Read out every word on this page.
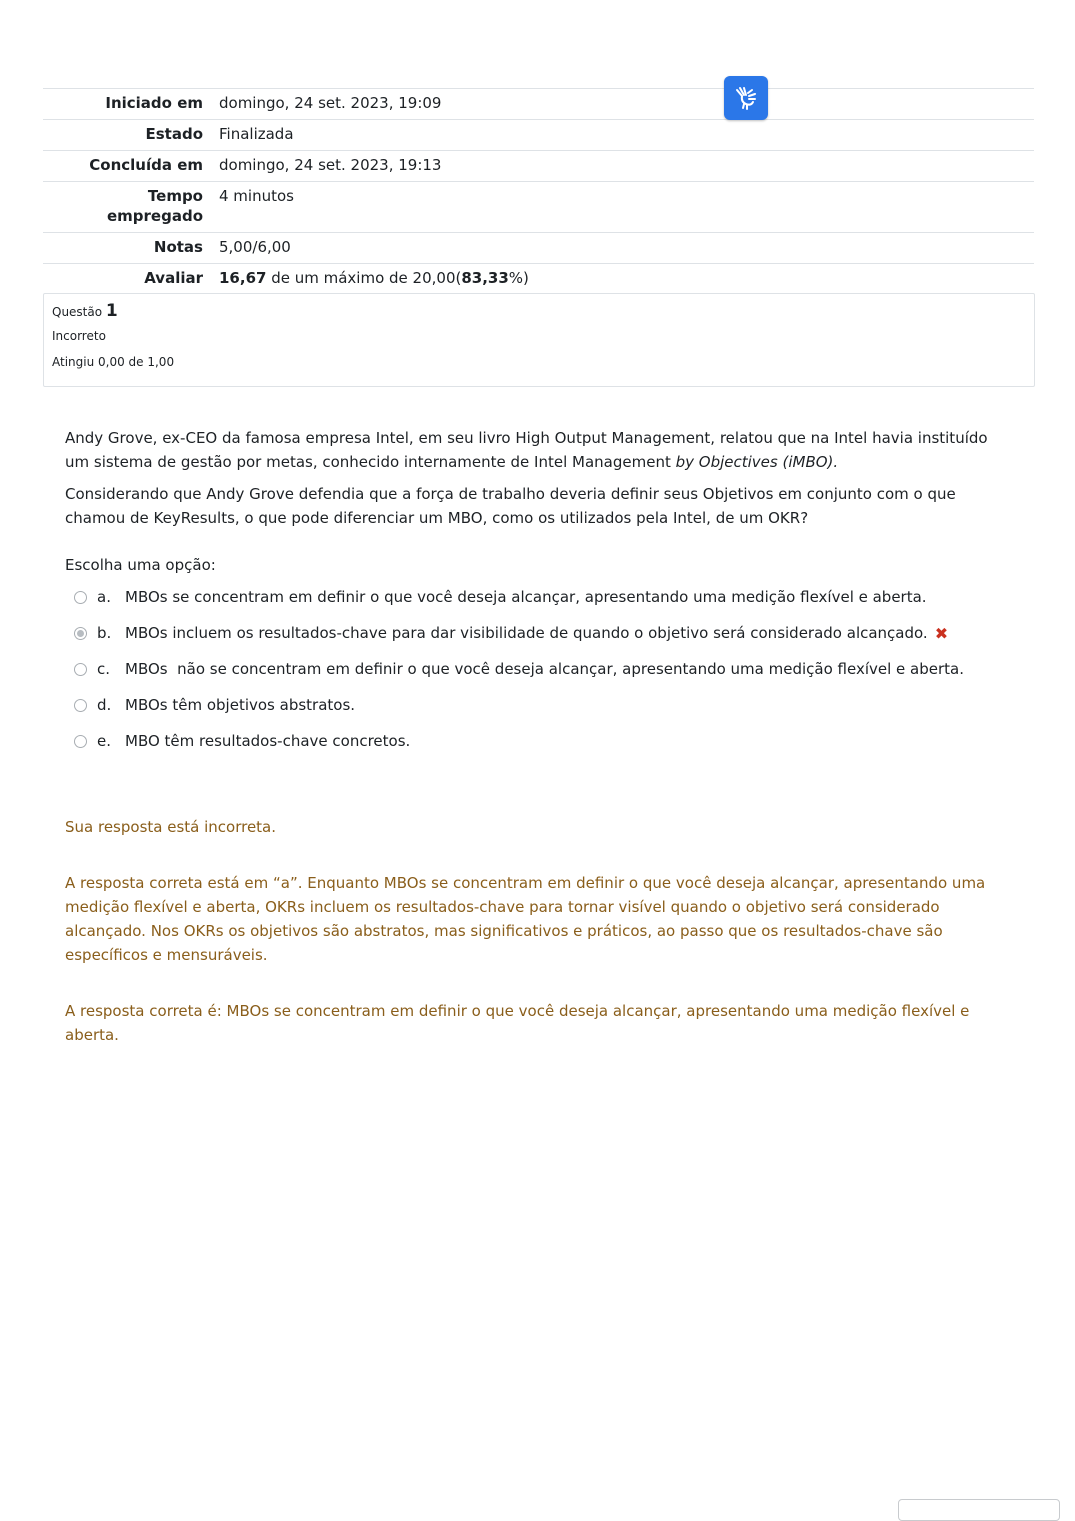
Iniciado em	domingo, 24 set. 2023, 19:09
Estado	Finalizada
Concluída em	domingo, 24 set. 2023, 19:13
Tempo empregado	4 minutos
Notas	5,00/6,00
Avaliar	16,67 de um máximo de 20,00(83,33%)
Questão 1
Incorreto
Atingiu 0,00 de 1,00

Andy Grove, ex-CEO da famosa empresa Intel, em seu livro High Output Management, relatou que na Intel havia instituído um sistema de gestão por metas, conhecido internamente de Intel Management by Objectives (iMBO).

Considerando que Andy Grove defendia que a força de trabalho deveria definir seus Objetivos em conjunto com o que chamou de KeyResults, o que pode diferenciar um MBO, como os utilizados pela Intel, de um OKR?

Escolha uma opção:
a. MBOs se concentram em definir o que você deseja alcançar, apresentando uma medição flexível e aberta.
b. MBOs incluem os resultados-chave para dar visibilidade de quando o objetivo será considerado alcançado. ✖
c. MBOs  não se concentram em definir o que você deseja alcançar, apresentando uma medição flexível e aberta.
d. MBOs têm objetivos abstratos.
e. MBO têm resultados-chave concretos.

Sua resposta está incorreta.

A resposta correta está em “a”. Enquanto MBOs se concentram em definir o que você deseja alcançar, apresentando uma medição flexível e aberta, OKRs incluem os resultados-chave para tornar visível quando o objetivo será considerado alcançado. Nos OKRs os objetivos são abstratos, mas significativos e práticos, ao passo que os resultados-chave são específicos e mensuráveis.

A resposta correta é: MBOs se concentram em definir o que você deseja alcançar, apresentando uma medição flexível e aberta.
